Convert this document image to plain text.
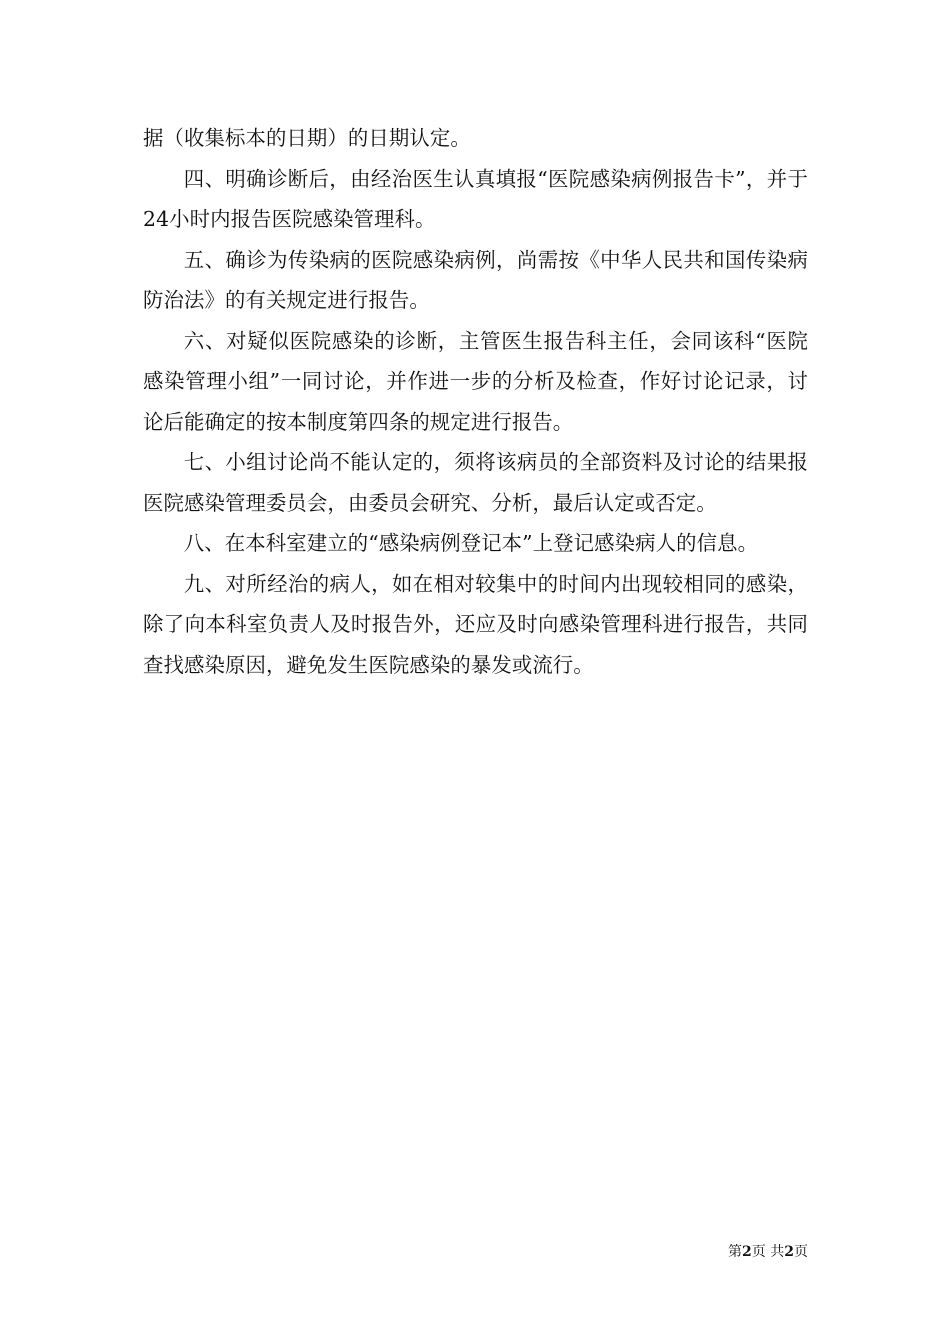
据（收集标本的日期）的日期认定。

四、明确诊断后，由经治医生认真填报“医院感染病例报告卡”，并于24小时内报告医院感染管理科。

五、确诊为传染病的医院感染病例，尚需按《中华人民共和国传染病防治法》的有关规定进行报告。

六、对疑似医院感染的诊断，主管医生报告科主任，会同该科“医院感染管理小组”一同讨论，并作进一步的分析及检查，作好讨论记录，讨论后能确定的按本制度第四条的规定进行报告。

七、小组讨论尚不能认定的，须将该病员的全部资料及讨论的结果报医院感染管理委员会，由委员会研究、分析，最后认定或否定。

八、在本科室建立的“感染病例登记本”上登记感染病人的信息。

九、对所经治的病人，如在相对较集中的时间内出现较相同的感染，除了向本科室负责人及时报告外，还应及时向感染管理科进行报告，共同查找感染原因，避免发生医院感染的暴发或流行。

第2页 共2页
